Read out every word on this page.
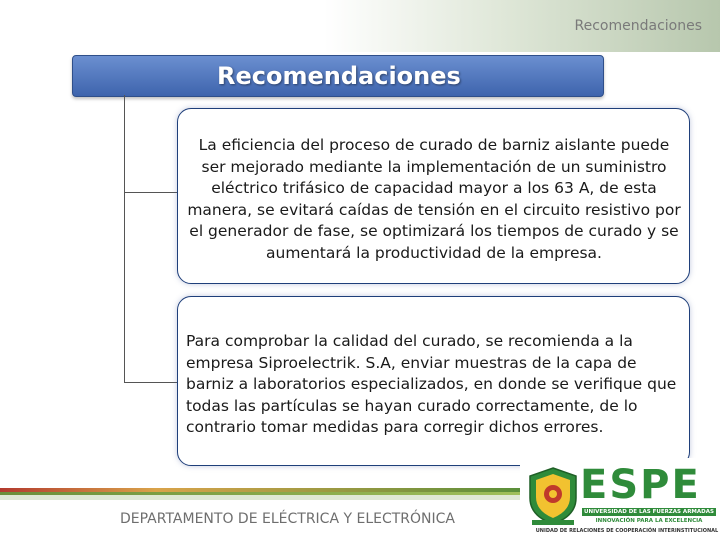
Recomendaciones
Recomendaciones
La eficiencia del proceso de curado de barniz aislante puede ser mejorado mediante la implementación de un suministro eléctrico trifásico de capacidad mayor a los 63 A, de esta manera, se evitará caídas de tensión en el circuito resistivo por el generador de fase, se optimizará los tiempos de curado y se aumentará la productividad de la empresa.
Para comprobar la calidad del curado, se recomienda a la empresa Siproelectrik. S.A, enviar muestras de la capa de barniz a laboratorios especializados, en donde se verifique que todas las partículas se hayan curado correctamente, de lo contrario tomar medidas para corregir dichos errores.
DEPARTAMENTO DE ELÉCTRICA Y ELECTRÓNICA
ESPE
UNIVERSIDAD DE LAS FUERZAS ARMADAS
INNOVACIÓN PARA LA EXCELENCIA
UNIDAD DE RELACIONES DE COOPERACIÓN INTERINSTITUCIONAL
